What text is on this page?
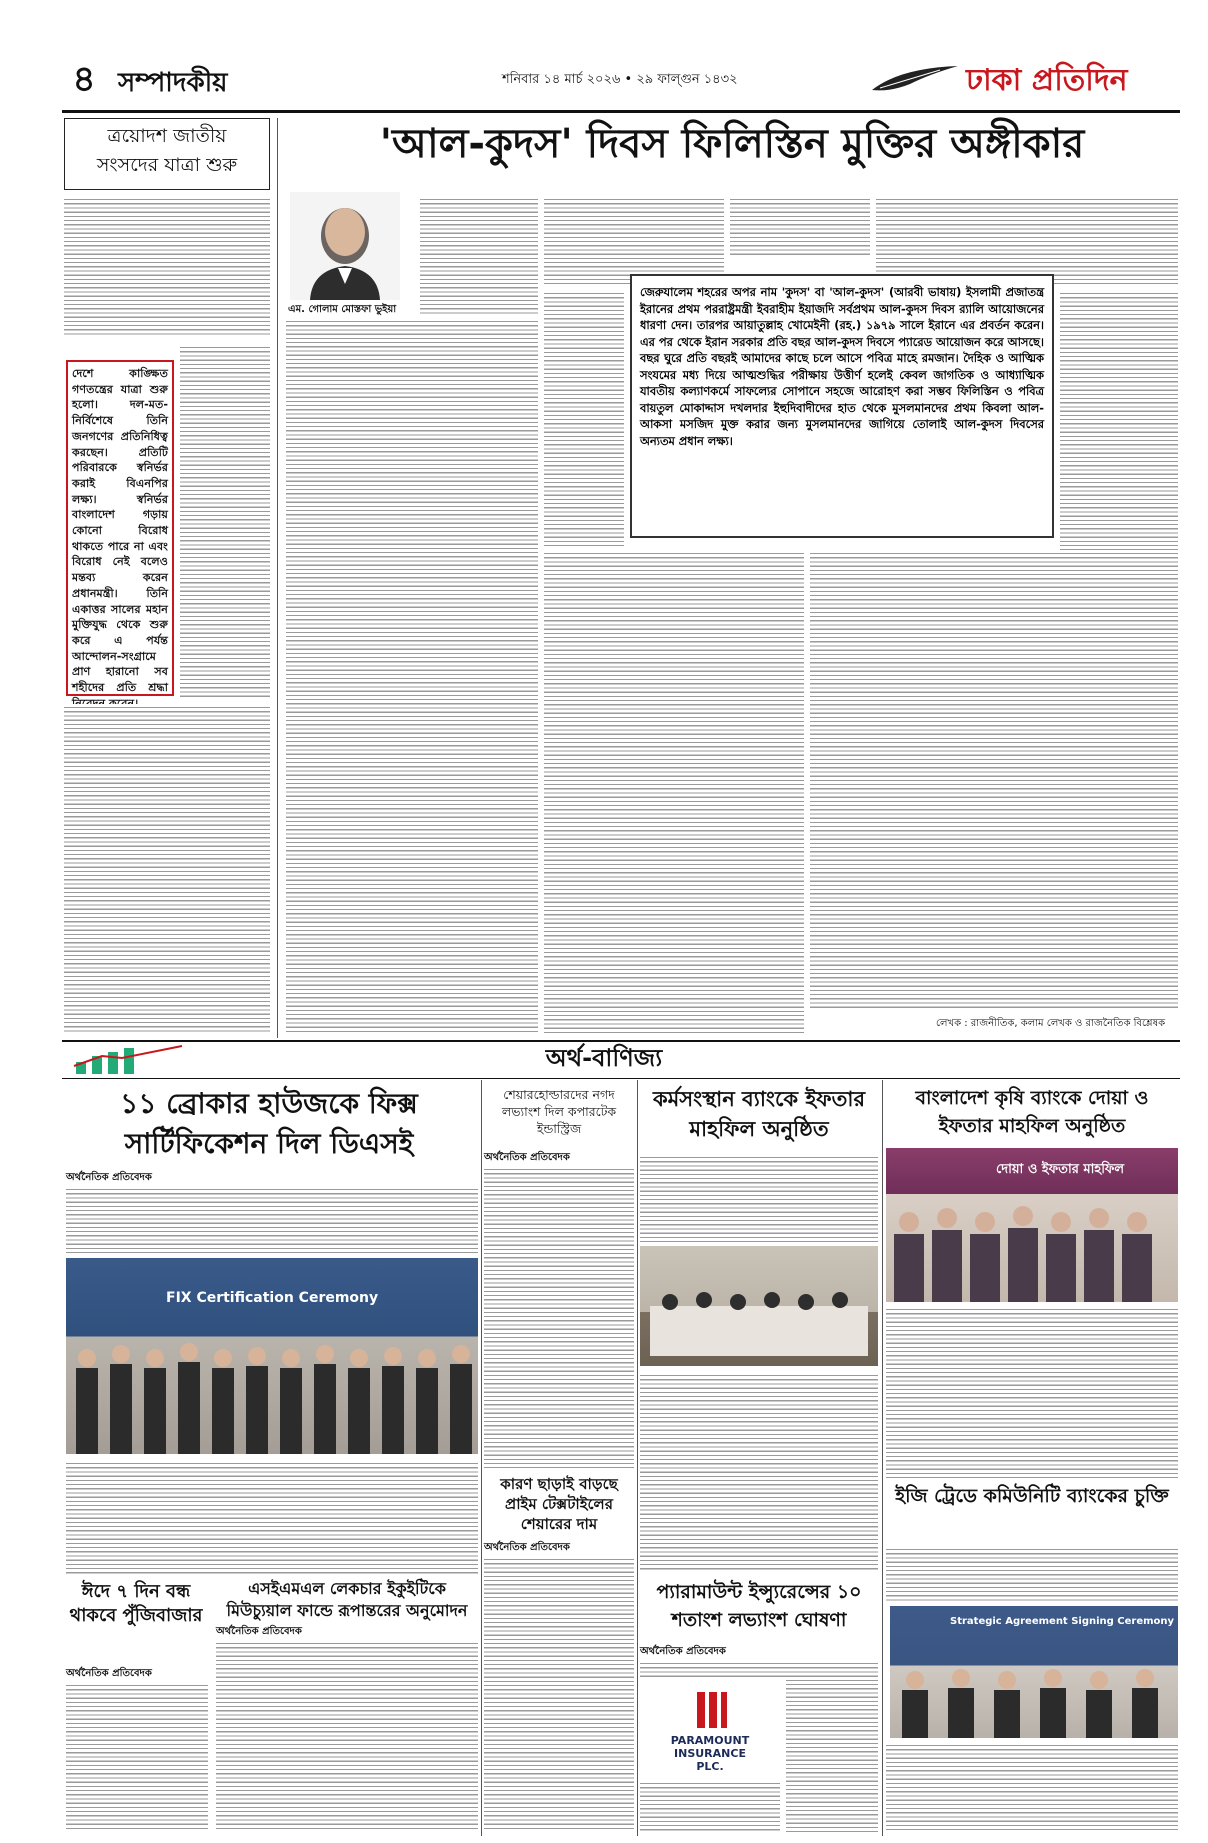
৪ সম্পাদকীয়	শনিবার ১৪ মার্চ ২০২৬ • ২৯ ফাল্গুন ১৪৩২	ঢাকা প্রতিদিন
ত্রয়োদশ জাতীয়
সংসদের যাত্রা শুরু
দেশে কাঙ্ক্ষিত গণতন্ত্রের যাত্রা শুরু হলো। দল-মত-নির্বিশেষে তিনি জনগণের প্রতিনিধিত্ব করছেন। প্রতিটি পরিবারকে স্বনির্ভর করাই বিএনপির লক্ষ্য। স্বনির্ভর বাংলাদেশ গড়ায় কোনো বিরোধ থাকতে পারে না এবং বিরোধ নেই বলেও মন্তব্য করেন প্রধানমন্ত্রী। তিনি একাত্তর সালের মহান মুক্তিযুদ্ধ থেকে শুরু করে এ পর্যন্ত আন্দোলন-সংগ্রামে প্রাণ হারানো সব শহীদের প্রতি শ্রদ্ধা
'আল-কুদস' দিবস ফিলিস্তিন মুক্তির অঙ্গীকার
এম. গোলাম মোস্তফা ভুইয়া
জেরুযালেম শহরের অপর নাম 'কুদস' বা 'আল-কুদস' (আরবী ভাষায়) ইসলামী প্রজাতন্ত্র ইরানের প্রথম পররাষ্ট্রমন্ত্রী ইবরাহীম ইয়াজদি সর্বপ্রথম আল-কুদস দিবস র‍্যালি আয়োজনের ধারণা দেন। তারপর আয়াতুল্লাহ খোমেইনী (রহ.) ১৯৭৯ সালে ইরানে এর প্রবর্তন করেন। এর পর থেকে ইরান সরকার প্রতি বছর আল-কুদস দিবসে প্যারেড আয়োজন করে আসছে। বছর ঘুরে প্রতি বছরই আমাদের কাছে চলে আসে পবিত্র মাহে রমজান। দৈহিক ও আত্মিক সংযমের মধ্য দিয়ে আত্মশুদ্ধির পরীক্ষায় উত্তীর্ণ হলেই কেবল জাগতিক ও আধ্যাত্মিক যাবতীয় কল্যাণকর্মে সাফল্যের সোপানে সহজে আরোহণ করা সম্ভব ফিলিস্তিন ও পবিত্র বায়তুল মোকাদ্দাস দখলদার ইহুদিবাদীদের হাত থেকে মুসলমানদের প্রথম কিবলা আল-আকসা মসজিদ মুক্ত করার জন্য মুসলমানদের জাগিয়ে তোলাই আল-কুদস দিবসের অন্যতম প্রধান লক্ষ্য।
লেখক : রাজনীতিক, কলাম লেখক ও রাজনৈতিক বিশ্লেষক
অর্থ-বাণিজ্য
১১ ব্রোকার হাউজকে ফিক্স সার্টিফিকেশন দিল ডিএসই
অর্থনৈতিক প্রতিবেদক
FIX Certification Ceremony
ঈদে ৭ দিন বন্ধ থাকবে পুঁজিবাজার
অর্থনৈতিক প্রতিবেদক
এসইএমএল লেকচার ইকুইটিকে মিউচ্যুয়াল ফান্ডে রূপান্তরের অনুমোদন
অর্থনৈতিক প্রতিবেদক
শেয়ারহোল্ডারদের নগদ লভ্যাংশ দিল কপারটেক ইন্ডাস্ট্রিজ
অর্থনৈতিক প্রতিবেদক
কারণ ছাড়াই বাড়ছে প্রাইম টেক্সটাইলের শেয়ারের দাম
অর্থনৈতিক প্রতিবেদক
কর্মসংস্থান ব্যাংকে ইফতার মাহফিল অনুষ্ঠিত
বাংলাদেশ কৃষি ব্যাংকে দোয়া ও ইফতার মাহফিল অনুষ্ঠিত
দোয়া ও ইফতার মাহফিল
ইজি ট্রেডে কমিউনিটি ব্যাংকের চুক্তি
Strategic Agreement Signing Ceremony
প্যারামাউন্ট ইন্স্যুরেন্সের ১০ শতাংশ লভ্যাংশ ঘোষণা
অর্থনৈতিক প্রতিবেদক
PARAMOUNT INSURANCE
PLC.
